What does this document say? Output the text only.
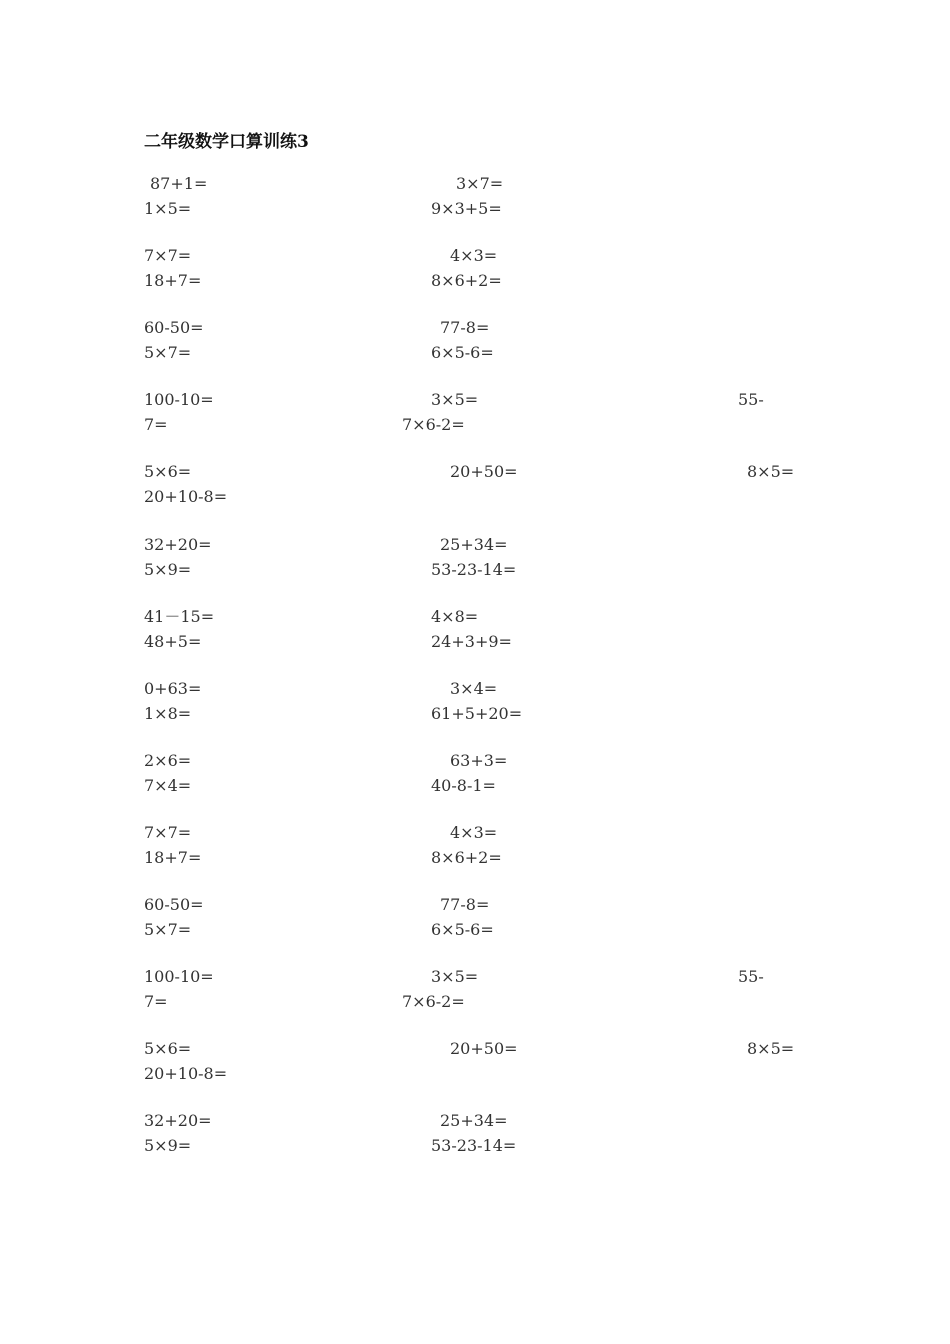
二年级数学口算训练3
87+1=	3×7=
1×5=	9×3+5=
7×7=	4×3=
18+7=	8×6+2=
60-50=	77-8=
5×7=	6×5-6=
100-10=	3×5=	55-
7=	7×6-2=
5×6=	20+50=	8×5=
20+10-8=
32+20=	25+34=
5×9=	53-23-14=
41－15=	4×8=
48+5=	24+3+9=
0+63=	3×4=
1×8=	61+5+20=
2×6=	63+3=
7×4=	40-8-1=
7×7=	4×3=
18+7=	8×6+2=
60-50=	77-8=
5×7=	6×5-6=
100-10=	3×5=	55-
7=	7×6-2=
5×6=	20+50=	8×5=
20+10-8=
32+20=	25+34=
5×9=	53-23-14=
